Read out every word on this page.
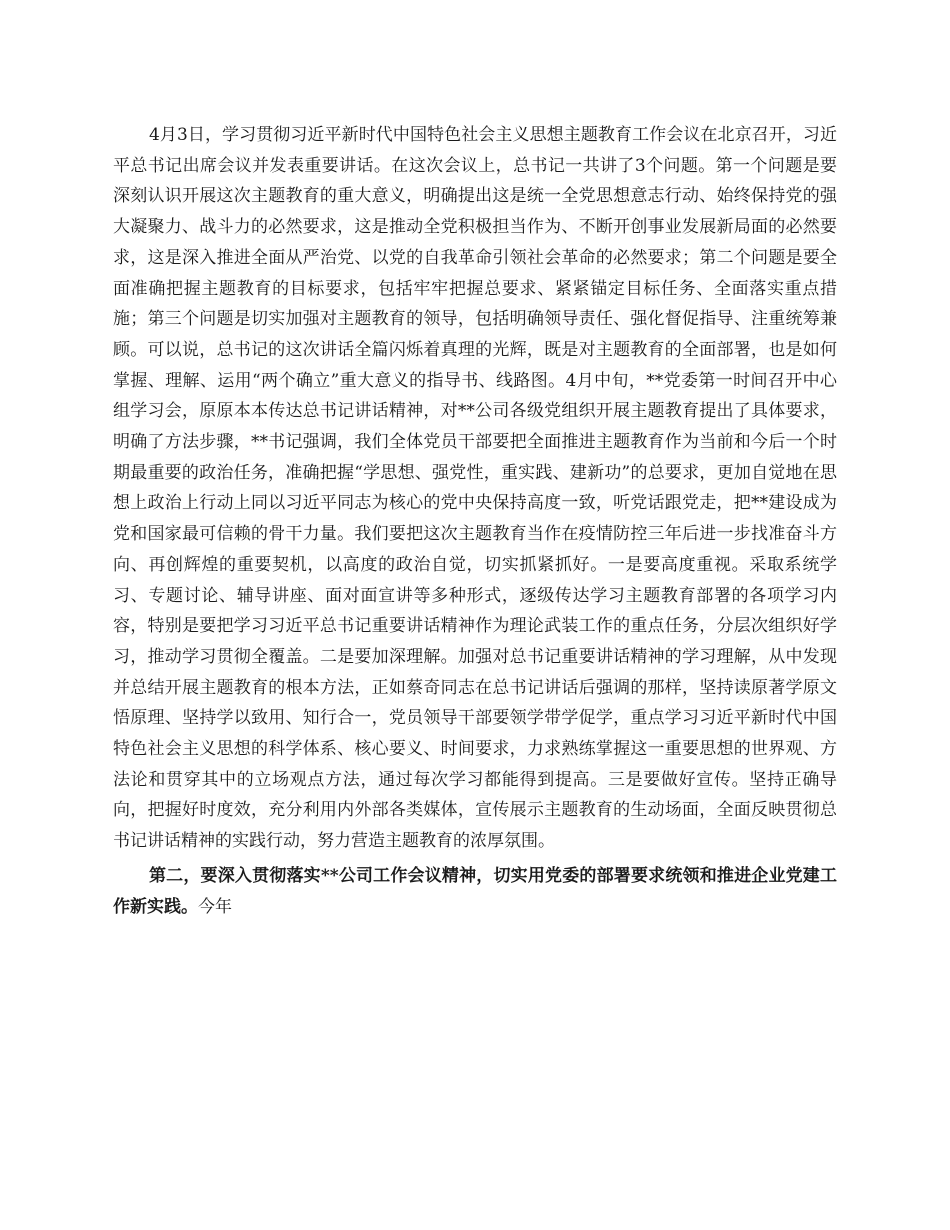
4月3日，学习贯彻习近平新时代中国特色社会主义思想主题教育工作会议在北京召开，习近平总书记出席会议并发表重要讲话。在这次会议上，总书记一共讲了3个问题。第一个问题是要深刻认识开展这次主题教育的重大意义，明确提出这是统一全党思想意志行动、始终保持党的强大凝聚力、战斗力的必然要求，这是推动全党积极担当作为、不断开创事业发展新局面的必然要求，这是深入推进全面从严治党、以党的自我革命引领社会革命的必然要求；第二个问题是要全面准确把握主题教育的目标要求，包括牢牢把握总要求、紧紧锚定目标任务、全面落实重点措施；第三个问题是切实加强对主题教育的领导，包括明确领导责任、强化督促指导、注重统筹兼顾。可以说，总书记的这次讲话全篇闪烁着真理的光辉，既是对主题教育的全面部署，也是如何掌握、理解、运用“两个确立”重大意义的指导书、线路图。4月中旬，**党委第一时间召开中心组学习会，原原本本传达总书记讲话精神，对**公司各级党组织开展主题教育提出了具体要求，明确了方法步骤，**书记强调，我们全体党员干部要把全面推进主题教育作为当前和今后一个时期最重要的政治任务，准确把握“学思想、强党性，重实践、建新功”的总要求，更加自觉地在思想上政治上行动上同以习近平同志为核心的党中央保持高度一致，听党话跟党走，把**建设成为党和国家最可信赖的骨干力量。我们要把这次主题教育当作在疫情防控三年后进一步找准奋斗方向、再创辉煌的重要契机，以高度的政治自觉，切实抓紧抓好。一是要高度重视。采取系统学习、专题讨论、辅导讲座、面对面宣讲等多种形式，逐级传达学习主题教育部署的各项学习内容，特别是要把学习习近平总书记重要讲话精神作为理论武装工作的重点任务，分层次组织好学习，推动学习贯彻全覆盖。二是要加深理解。加强对总书记重要讲话精神的学习理解，从中发现并总结开展主题教育的根本方法，正如蔡奇同志在总书记讲话后强调的那样，坚持读原著学原文悟原理、坚持学以致用、知行合一，党员领导干部要领学带学促学，重点学习习近平新时代中国特色社会主义思想的科学体系、核心要义、时间要求，力求熟练掌握这一重要思想的世界观、方法论和贯穿其中的立场观点方法，通过每次学习都能得到提高。三是要做好宣传。坚持正确导向，把握好时度效，充分利用内外部各类媒体，宣传展示主题教育的生动场面，全面反映贯彻总书记讲话精神的实践行动，努力营造主题教育的浓厚氛围。

第二，要深入贯彻落实**公司工作会议精神，切实用党委的部署要求统领和推进企业党建工作新实践。今年
